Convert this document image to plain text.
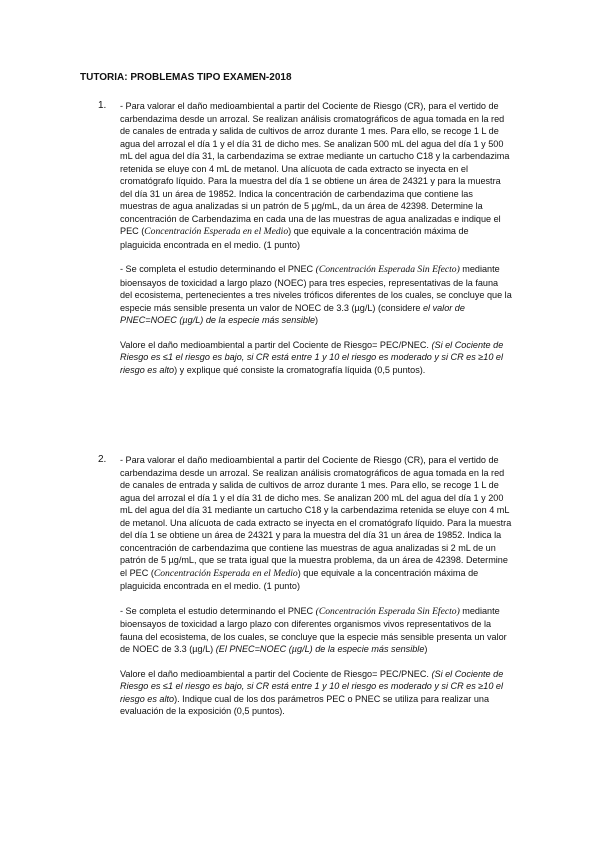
TUTORIA: PROBLEMAS TIPO EXAMEN-2018
1. - Para valorar el daño medioambiental a partir del Cociente de Riesgo (CR), para el vertido de carbendazima desde un arrozal. Se realizan análisis cromatográficos de agua tomada en la red de canales de entrada y salida de cultivos de arroz durante 1 mes. Para ello, se recoge 1 L de agua del arrozal el día 1 y el día 31 de dicho mes. Se analizan 500 mL del agua del día 1 y 500 mL del agua del día 31, la carbendazima se extrae mediante un cartucho C18 y la carbendazima retenida se eluye con 4 mL de metanol. Una alícuota de cada extracto se inyecta en el cromatógrafo líquido. Para la muestra del día 1 se obtiene un área de 24321 y para la muestra del día 31 un área de 19852. Indica la concentración de carbendazima que contiene las muestras de agua analizadas si un patrón de 5 µg/mL, da un área de 42398. Determine la concentración de Carbendazima en cada una de las muestras de agua analizadas e indique el PEC (Concentración Esperada en el Medio) que equivale a la concentración máxima de plaguicida encontrada en el medio. (1 punto)

- Se completa el estudio determinando el PNEC (Concentración Esperada Sin Efecto) mediante bioensayos de toxicidad a largo plazo (NOEC) para tres especies, representativas de la fauna del ecosistema, pertenecientes a tres niveles tróficos diferentes de los cuales, se concluye que la especie más sensible presenta un valor de NOEC de 3.3 (µg/L) (considere el valor de PNEC=NOEC (µg/L) de la especie más sensible)

Valore el daño medioambiental a partir del Cociente de Riesgo= PEC/PNEC. (Si el Cociente de Riesgo es ≤1 el riesgo es bajo, si CR está entre 1 y 10 el riesgo es moderado y si CR es ≥10 el riesgo es alto) y explique qué consiste la cromatografía líquida (0,5 puntos).

2. - Para valorar el daño medioambiental a partir del Cociente de Riesgo (CR), para el vertido de carbendazima desde un arrozal. Se realizan análisis cromatográficos de agua tomada en la red de canales de entrada y salida de cultivos de arroz durante 1 mes. Para ello, se recoge 1 L de agua del arrozal el día 1 y el día 31 de dicho mes. Se analizan 200 mL del agua del día 1 y 200 mL del agua del día 31 mediante un cartucho C18 y la carbendazima retenida se eluye con 4 mL de metanol. Una alícuota de cada extracto se inyecta en el cromatógrafo líquido. Para la muestra del día 1 se obtiene un área de 24321 y para la muestra del día 31 un área de 19852. Indica la concentración de carbendazima que contiene las muestras de agua analizadas si 2 mL de un patrón de 5 µg/mL, que se trata igual que la muestra problema, da un área de 42398. Determine el PEC (Concentración Esperada en el Medio) que equivale a la concentración máxima de plaguicida encontrada en el medio. (1 punto)

- Se completa el estudio determinando el PNEC (Concentración Esperada Sin Efecto) mediante bioensayos de toxicidad a largo plazo con diferentes organismos vivos representativos de la fauna del ecosistema, de los cuales, se concluye que la especie más sensible presenta un valor de NOEC de 3.3 (µg/L) (El PNEC=NOEC (µg/L) de la especie más sensible)

Valore el daño medioambiental a partir del Cociente de Riesgo= PEC/PNEC. (Si el Cociente de Riesgo es ≤1 el riesgo es bajo, si CR está entre 1 y 10 el riesgo es moderado y si CR es ≥10 el riesgo es alto). Indique cual de los dos parámetros PEC o PNEC se utiliza para realizar una evaluación de la exposición (0,5 puntos).
